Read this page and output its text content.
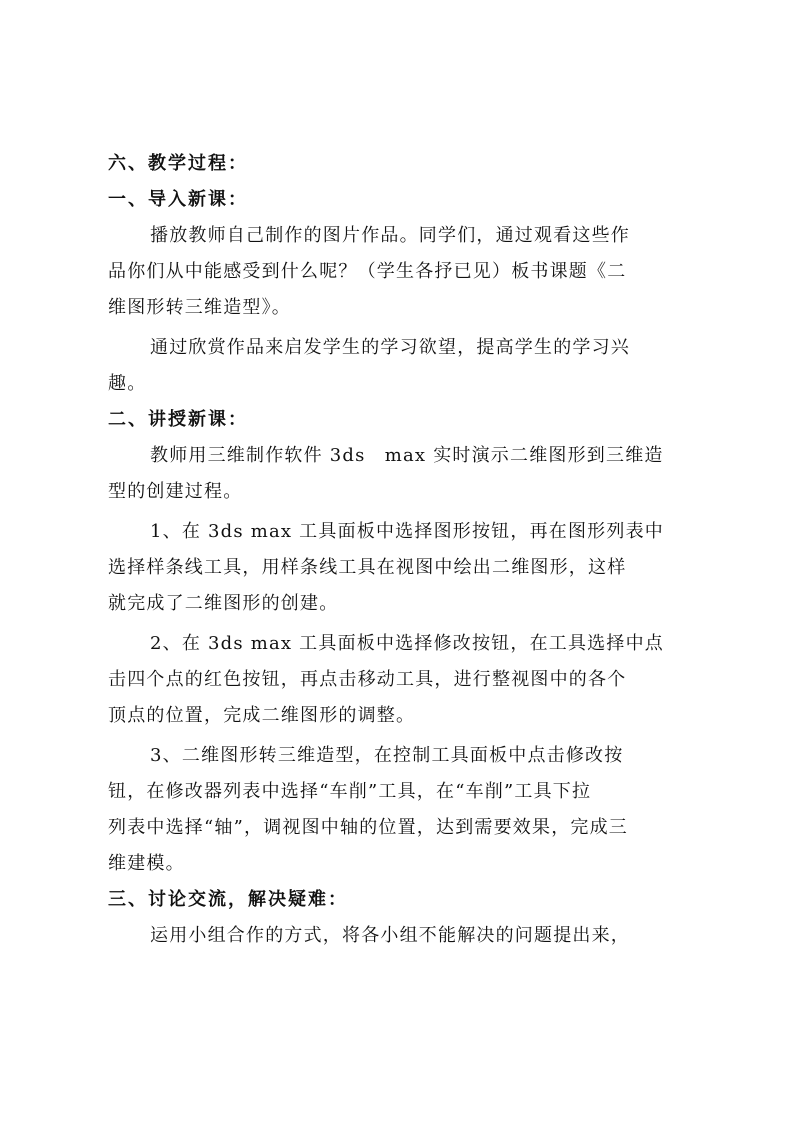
六、教学过程：
一、导入新课：
播放教师自己制作的图片作品。同学们，通过观看这些作
品你们从中能感受到什么呢？（学生各抒已见）板书课题《二
维图形转三维造型》。
通过欣赏作品来启发学生的学习欲望，提高学生的学习兴
趣。
二、讲授新课：
教师用三维制作软件 3ds　max 实时演示二维图形到三维造
型的创建过程。
1、在 3ds max 工具面板中选择图形按钮，再在图形列表中
选择样条线工具，用样条线工具在视图中绘出二维图形，这样
就完成了二维图形的创建。
2、在 3ds max 工具面板中选择修改按钮，在工具选择中点
击四个点的红色按钮，再点击移动工具，进行整视图中的各个
顶点的位置，完成二维图形的调整。
3、二维图形转三维造型，在控制工具面板中点击修改按
钮，在修改器列表中选择“车削”工具，在“车削”工具下拉
列表中选择“轴”，调视图中轴的位置，达到需要效果，完成三
维建模。
三、讨论交流，解决疑难：
运用小组合作的方式，将各小组不能解决的问题提出来，
